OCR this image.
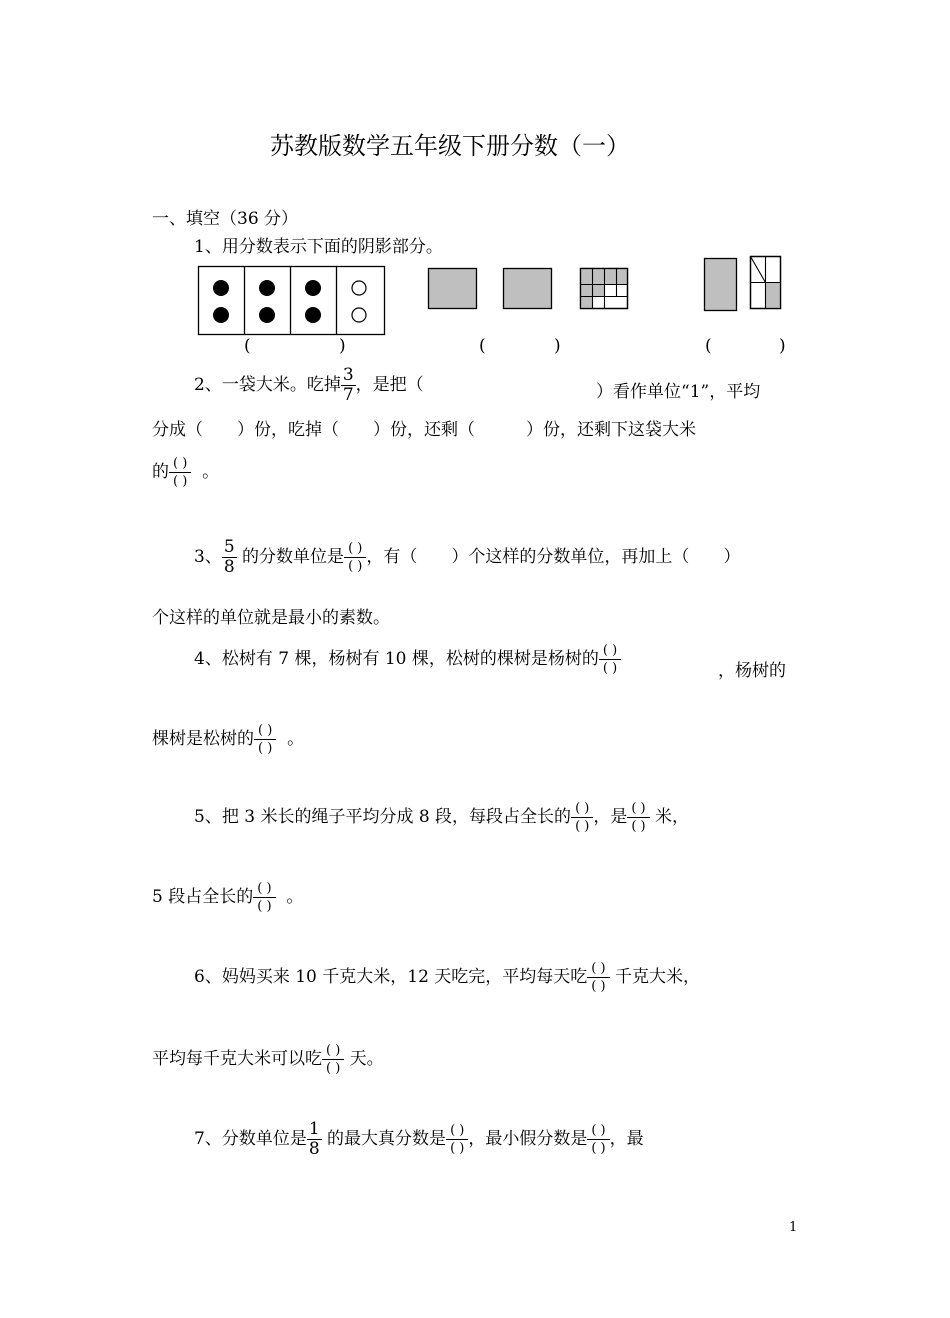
苏教版数学五年级下册分数（一）
一、填空（36 分）
1、用分数表示下面的阴影部分。
(	)	(	)	(	)
2、一袋大米。吃掉 $\frac{3}{7}$ ，是把（	）看作单位“1”，平均
分成（　　）份，吃掉（　　）份，还剩（　　　）份，还剩下这袋大米
的 $\frac{( )}{( )}$ 。
3、 $\frac{5}{8}$ 的分数单位是 $\frac{( )}{( )}$ ，有（　　）个这样的分数单位，再加上（　　）
个这样的单位就是最小的素数。
4、松树有 7 棵，杨树有 10 棵，松树的棵树是杨树的 $\frac{( )}{( )}$	，杨树的
棵树是松树的 $\frac{( )}{( )}$ 。
5、把 3 米长的绳子平均分成 8 段，每段占全长的 $\frac{( )}{( )}$ ，是 $\frac{( )}{( )}$ 米，
5 段占全长的 $\frac{( )}{( )}$ 。
6、妈妈买来 10 千克大米，12 天吃完，平均每天吃 $\frac{( )}{( )}$ 千克大米，
平均每千克大米可以吃 $\frac{( )}{( )}$ 天。
7、分数单位是 $\frac{1}{8}$ 的最大真分数是 $\frac{( )}{( )}$ ，最小假分数是 $\frac{( )}{( )}$ ，最
1
